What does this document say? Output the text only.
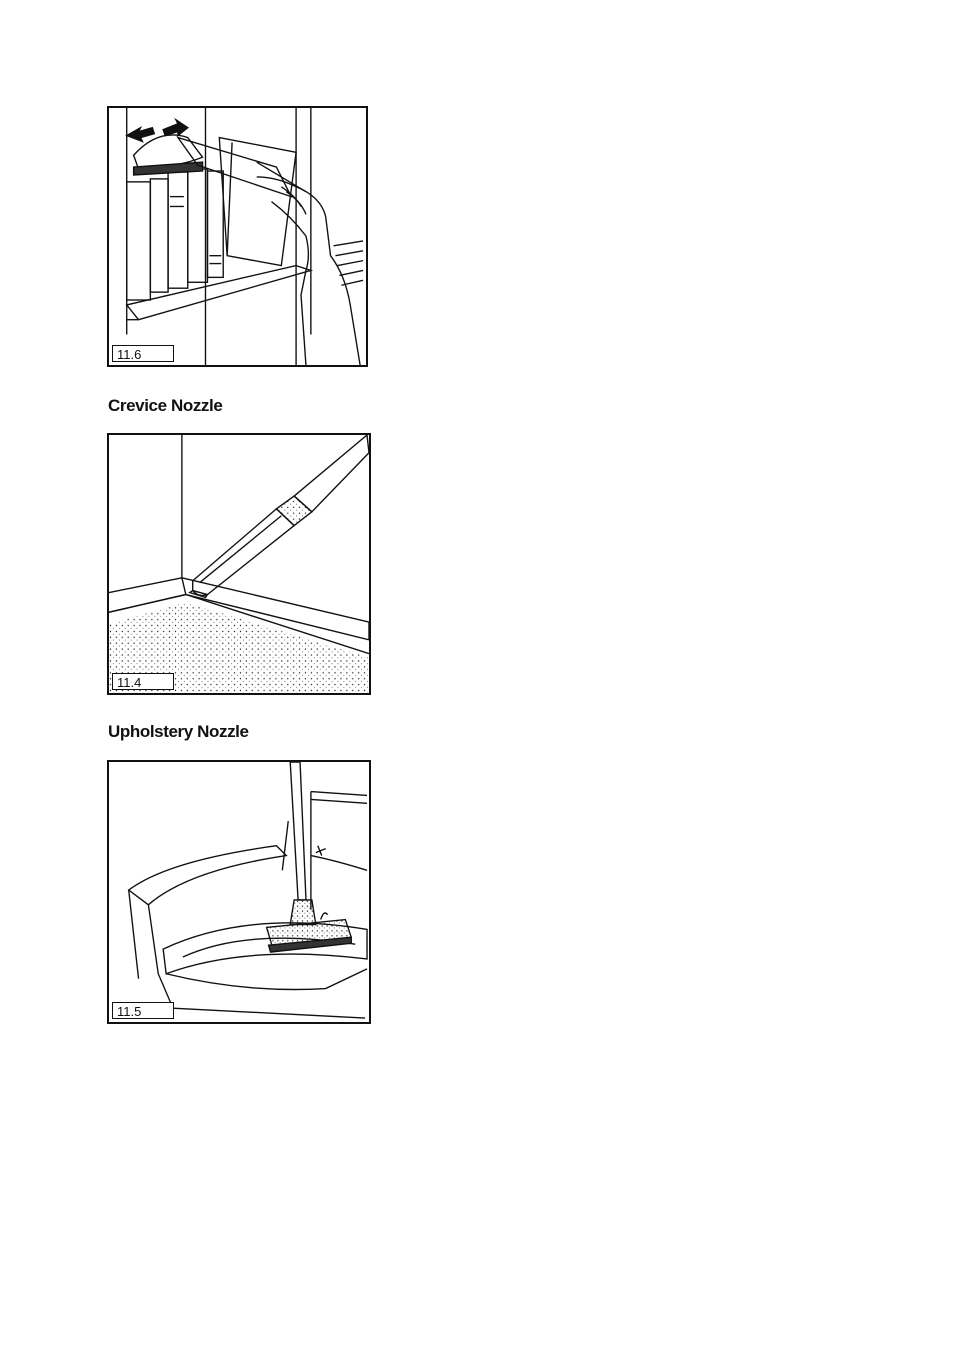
11.6
Crevice Nozzle
11.4
Upholstery Nozzle
11.5
